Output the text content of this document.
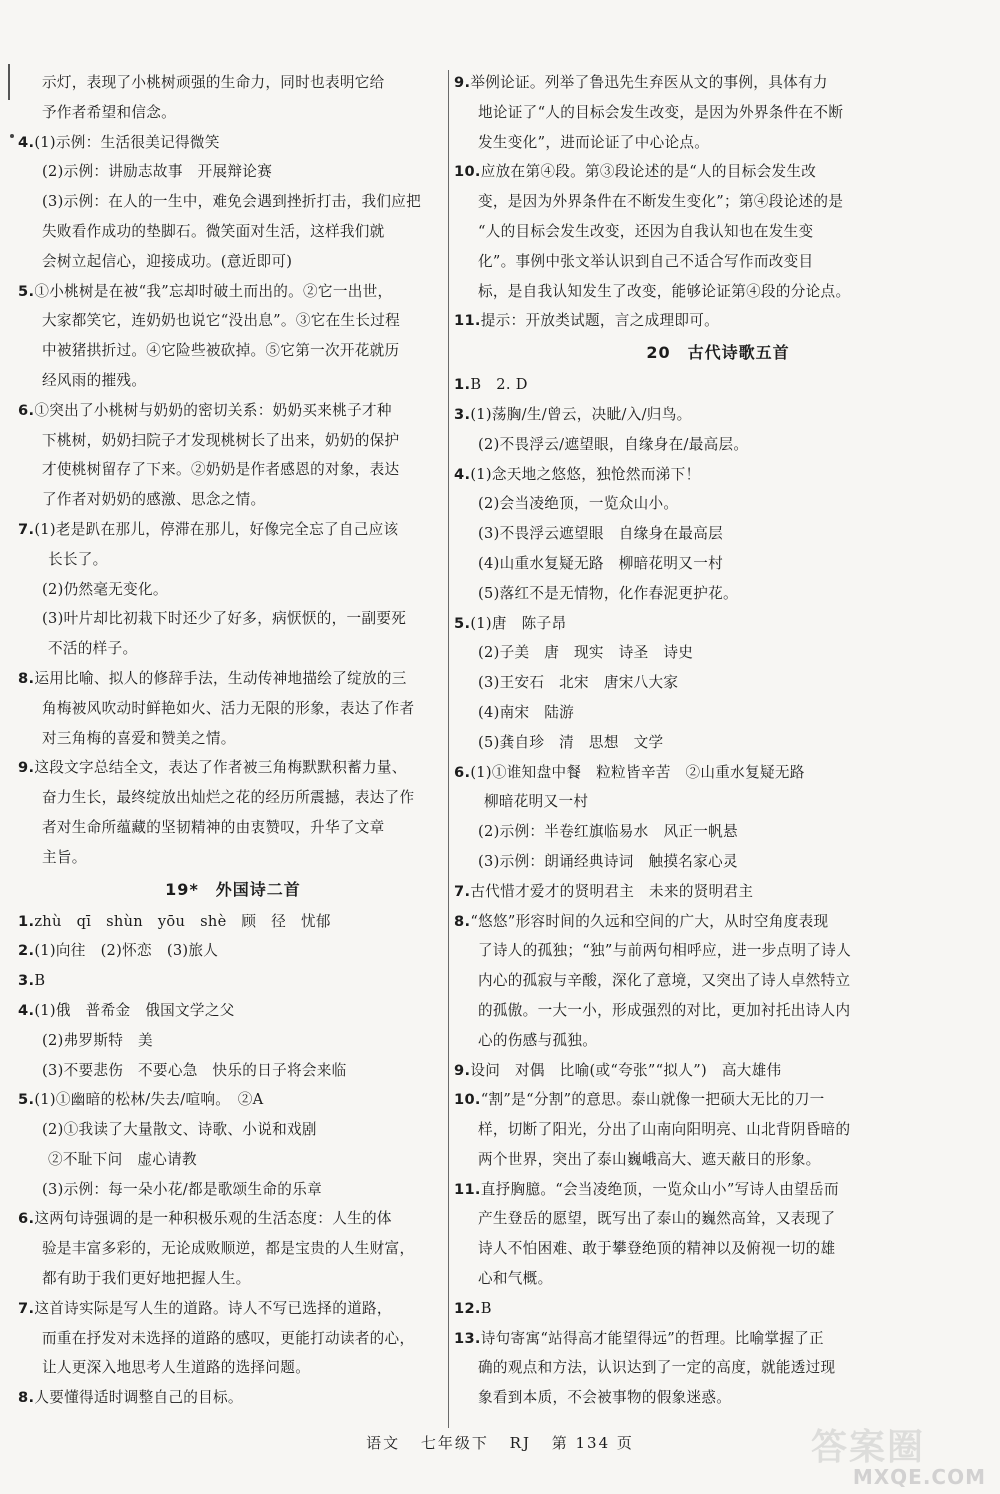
示灯，表现了小桃树顽强的生命力，同时也表明它给
予作者希望和信念。
4.(1)示例：生活很美记得微笑
(2)示例：讲励志故事　开展辩论赛
(3)示例：在人的一生中，难免会遇到挫折打击，我们应把
失败看作成功的垫脚石。微笑面对生活，这样我们就
会树立起信心，迎接成功。(意近即可)
5.①小桃树是在被“我”忘却时破土而出的。②它一出世，
大家都笑它，连奶奶也说它“没出息”。③它在生长过程
中被猪拱折过。④它险些被砍掉。⑤它第一次开花就历
经风雨的摧残。
6.①突出了小桃树与奶奶的密切关系：奶奶买来桃子才种
下桃树，奶奶扫院子才发现桃树长了出来，奶奶的保护
才使桃树留存了下来。②奶奶是作者感恩的对象，表达
了作者对奶奶的感激、思念之情。
7.(1)老是趴在那儿，停滞在那儿，好像完全忘了自己应该
长长了。
(2)仍然毫无变化。
(3)叶片却比初栽下时还少了好多，病恹恹的，一副要死
不活的样子。
8.运用比喻、拟人的修辞手法，生动传神地描绘了绽放的三
角梅被风吹动时鲜艳如火、活力无限的形象，表达了作者
对三角梅的喜爱和赞美之情。
9.这段文字总结全文，表达了作者被三角梅默默积蓄力量、
奋力生长，最终绽放出灿烂之花的经历所震撼，表达了作
者对生命所蕴藏的坚韧精神的由衷赞叹，升华了文章
主旨。
19*　外国诗二首
1.zhù　qī　shùn　yōu　shè　顾　径　忧郁
2.(1)向往　(2)怀恋　(3)旅人
3.B
4.(1)俄　普希金　俄国文学之父
(2)弗罗斯特　美
(3)不要悲伤　不要心急　快乐的日子将会来临
5.(1)①幽暗的松林/失去/喧响。　②A
(2)①我读了大量散文、诗歌、小说和戏剧
②不耻下问　虚心请教
(3)示例：每一朵小花/都是歌颂生命的乐章
6.这两句诗强调的是一种积极乐观的生活态度：人生的体
验是丰富多彩的，无论成败顺逆，都是宝贵的人生财富，
都有助于我们更好地把握人生。
7.这首诗实际是写人生的道路。诗人不写已选择的道路，
而重在抒发对未选择的道路的感叹，更能打动读者的心，
让人更深入地思考人生道路的选择问题。
8.人要懂得适时调整自己的目标。
9.举例论证。列举了鲁迅先生弃医从文的事例，具体有力
地论证了“人的目标会发生改变，是因为外界条件在不断
发生变化”，进而论证了中心论点。
10.应放在第④段。第③段论述的是“人的目标会发生改
变，是因为外界条件在不断发生变化”；第④段论述的是
“人的目标会发生改变，还因为自我认知也在发生变
化”。事例中张文举认识到自己不适合写作而改变目
标，是自我认知发生了改变，能够论证第④段的分论点。
11.提示：开放类试题，言之成理即可。
20　古代诗歌五首
1.B　2. D
3.(1)荡胸/生/曾云，决眦/入/归鸟。
(2)不畏浮云/遮望眼，自缘身在/最高层。
4.(1)念天地之悠悠，独怆然而涕下！
(2)会当凌绝顶，一览众山小。
(3)不畏浮云遮望眼　自缘身在最高层
(4)山重水复疑无路　柳暗花明又一村
(5)落红不是无情物，化作春泥更护花。
5.(1)唐　陈子昂
(2)子美　唐　现实　诗圣　诗史
(3)王安石　北宋　唐宋八大家
(4)南宋　陆游
(5)龚自珍　清　思想　文学
6.(1)①谁知盘中餐　粒粒皆辛苦　②山重水复疑无路
柳暗花明又一村
(2)示例：半卷红旗临易水　风正一帆悬
(3)示例：朗诵经典诗词　触摸名家心灵
7.古代惜才爱才的贤明君主　未来的贤明君主
8.“悠悠”形容时间的久远和空间的广大，从时空角度表现
了诗人的孤独；“独”与前两句相呼应，进一步点明了诗人
内心的孤寂与辛酸，深化了意境，又突出了诗人卓然特立
的孤傲。一大一小，形成强烈的对比，更加衬托出诗人内
心的伤感与孤独。
9.设问　对偶　比喻(或“夸张”“拟人”)　高大雄伟
10.“割”是“分割”的意思。泰山就像一把硕大无比的刀一
样，切断了阳光，分出了山南向阳明亮、山北背阴昏暗的
两个世界，突出了泰山巍峨高大、遮天蔽日的形象。
11.直抒胸臆。“会当凌绝顶，一览众山小”写诗人由望岳而
产生登岳的愿望，既写出了泰山的巍然高耸，又表现了
诗人不怕困难、敢于攀登绝顶的精神以及俯视一切的雄
心和气概。
12.B
13.诗句寄寓“站得高才能望得远”的哲理。比喻掌握了正
确的观点和方法，认识达到了一定的高度，就能透过现
象看到本质，不会被事物的假象迷惑。
语文 七年级下 RJ 第 134 页	答案圈
MXQE.COM
